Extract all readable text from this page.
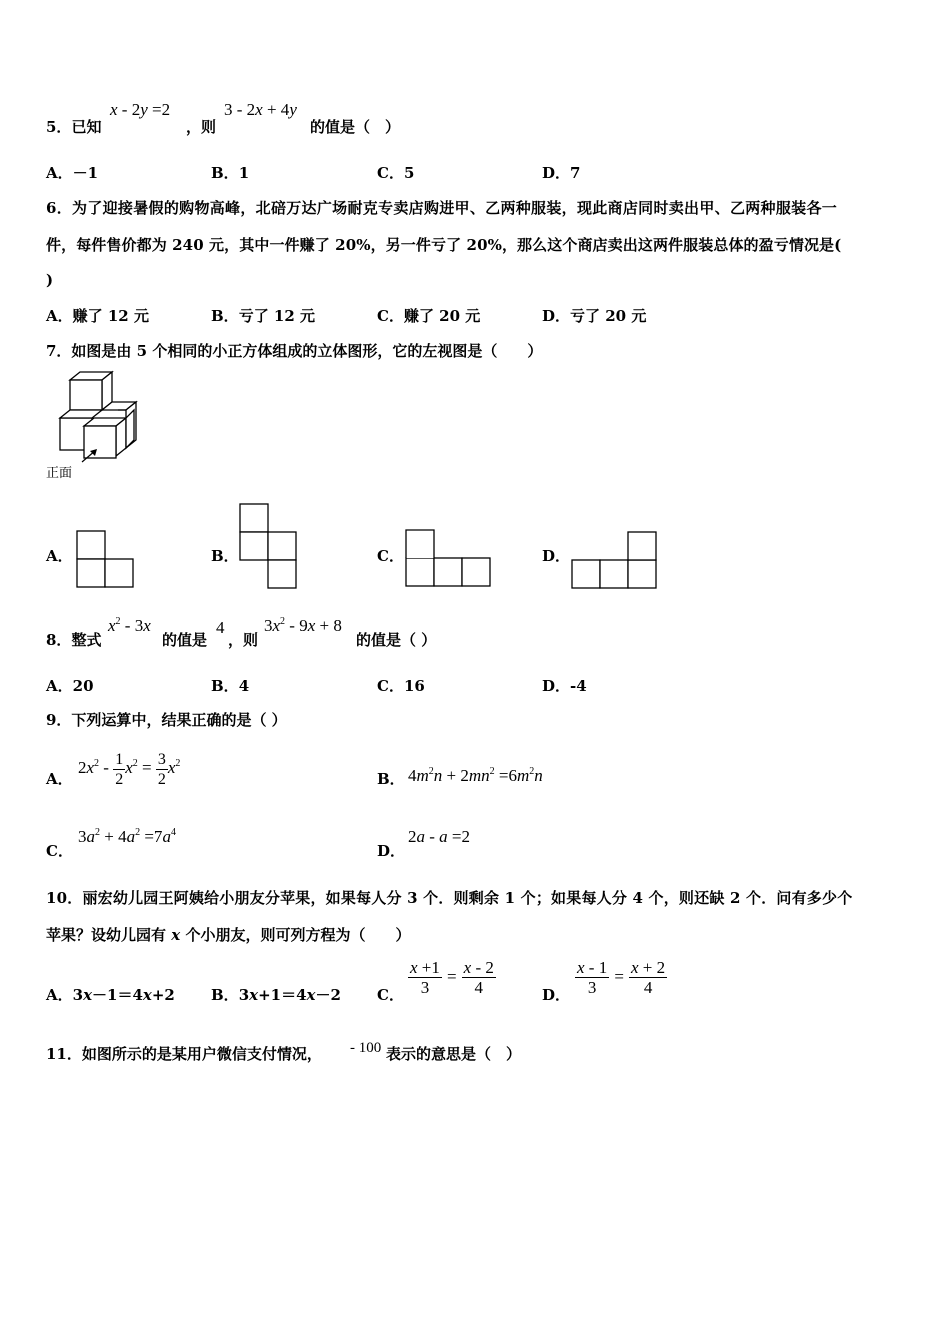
5．已知
x - 2y =2
，则
3 - 2x + 4y
的值是（　）
A．－1	B．1	C．5	D．7
6．为了迎接暑假的购物高峰，北碚万达广场耐克专卖店购进甲、乙两种服装，现此商店同时卖出甲、乙两种服装各一
件，每件售价都为 240 元，其中一件赚了 20%，另一件亏了 20%，那么这个商店卖出这两件服装总体的盈亏情况是(
)
A．赚了 12 元	B．亏了 12 元	C．赚了 20 元	D．亏了 20 元
7．如图是由 5 个相同的小正方体组成的立体图形，它的左视图是（　　）
正面
A．	B．	C．	D．
8．整式
$x^2 - 3x$
的值是
4
，则
$3x^2 - 9x + 8$
的值是（ ）
A．20	B．4	C．16	D．-4
9．下列运算中，结果正确的是（ ）
A．
$2x^2 - \frac{1}{2} x^2 = \frac{3}{2} x^2$
B． $4m^2n + 2mn^2 =6m^2n$
C．
$3a^2 + 4a^2 =7a^4$
D．
2a - a =2
10．丽宏幼儿园王阿姨给小朋友分苹果，如果每人分 3 个．则剩余 1 个；如果每人分 4 个，则还缺 2 个．问有多少个
苹果？设幼儿园有 x 个小朋友，则可列方程为（　　）
A．3x－1＝4x+2 B．3x+1＝4x－2 C． $\frac{x +1}{3} = \frac{x - 2}{4}$	D． $\frac{x - 1}{3} = \frac{x + 2}{4}$
11．如图所示的是某用户微信支付情况， - 100 表示的意思是（　）
